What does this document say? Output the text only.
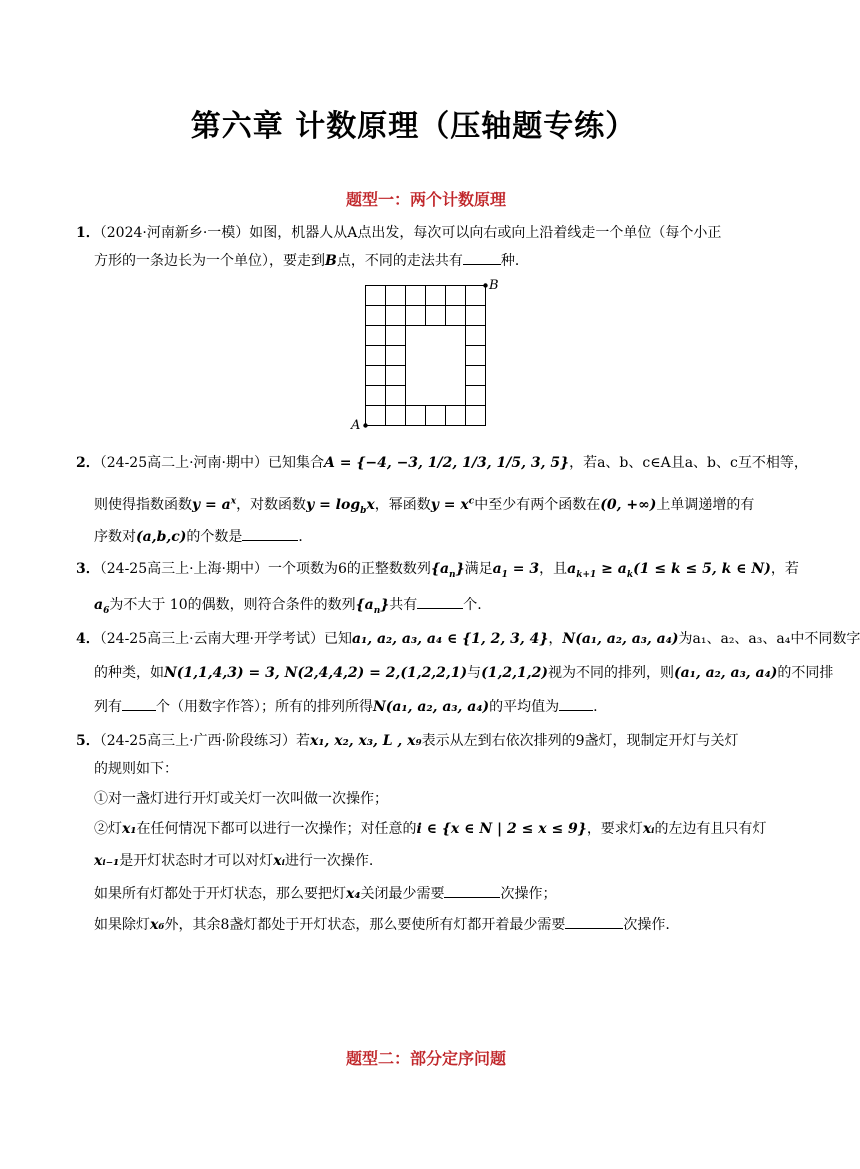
第六章 计数原理（压轴题专练）
题型一：两个计数原理
1．（2024·河南新乡·一模）如图，机器人从A点出发，每次可以向右或向上沿着线走一个单位（每个小正
方形的一条边长为一个单位），要走到B点，不同的走法共有	种．
A
B
2．（24-25高二上·河南·期中）已知集合A = {−4, −3, 1/2, 1/3, 1/5, 3, 5}，若a、b、c∈A且a、b、c互不相等，
则使得指数函数$y = a^x$，对数函数$y = \log_bx$，幂函数$y = x^c$中至少有两个函数在(0, +∞)上单调递增的有
序数对(a,b,c)的个数是	．
3．（24-25高三上·上海·期中）一个项数为6的正整数数列$\{a_n\}$满足$a_1 = 3$，且$a_{k+1} \ge a_k(1 \le k \le 5$, k ∈ N)，若
$a_6$为不大于 10的偶数，则符合条件的数列$\{a_n\}$共有	个.
4．（24-25高三上·云南大理·开学考试）已知a₁, a₂, a₃, a₄ ∈ {1, 2, 3, 4}，N(a₁, a₂, a₃, a₄)为a₁、a₂、a₃、a₄中不同数字
的种类，如N(1,1,4,3) = 3, N(2,4,4,2) = 2,(1,2,2,1)与(1,2,1,2)视为不同的排列，则(a₁, a₂, a₃, a₄)的不同排
列有 个（用数字作答）；所有的排列所得N(a₁, a₂, a₃, a₄)的平均值为 .
5．（24-25高三上·广西·阶段练习）若x₁, x₂, x₃, L , x₉表示从左到右依次排列的9盏灯，现制定开灯与关灯
的规则如下：
①对一盏灯进行开灯或关灯一次叫做一次操作；
②灯x₁在任何情况下都可以进行一次操作；对任意的i ∈ {x ∈ N | 2 ≤ x ≤ 9}，要求灯xᵢ的左边有且只有灯
xᵢ₋₁是开灯状态时才可以对灯xᵢ进行一次操作.
如果所有灯都处于开灯状态，那么要把灯x₄关闭最少需要	次操作；
如果除灯x₆外，其余8盏灯都处于开灯状态，那么要使所有灯都开着最少需要	次操作.
题型二：部分定序问题
